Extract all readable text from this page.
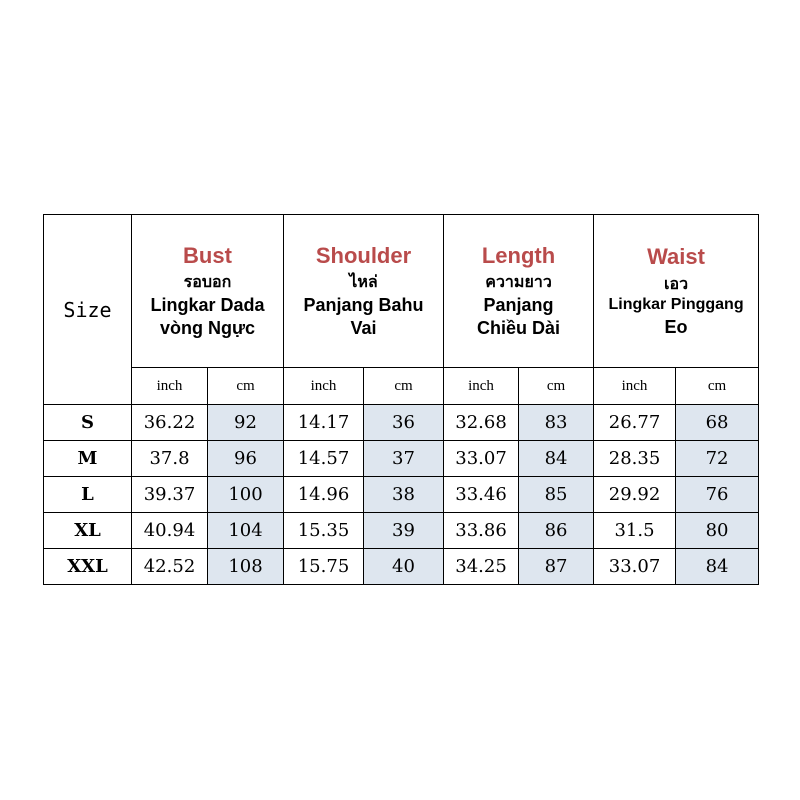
Size	Bust
รอบอก
Lingkar Dada
vòng Ngực		Shoulder
ไหล่
Panjang Bahu
Vai		Length
ความยาว
Panjang
Chiều Dài		Waist
เอว
Lingkar Pinggang
Eo	

	inch	cm	inch	cm	inch	cm	inch	cm
S	36.22	92	14.17	36	32.68	83	26.77	68
M	37.8	96	14.57	37	33.07	84	28.35	72
L	39.37	100	14.96	38	33.46	85	29.92	76
XL	40.94	104	15.35	39	33.86	86	31.5	80
XXL	42.52	108	15.75	40	34.25	87	33.07	84
